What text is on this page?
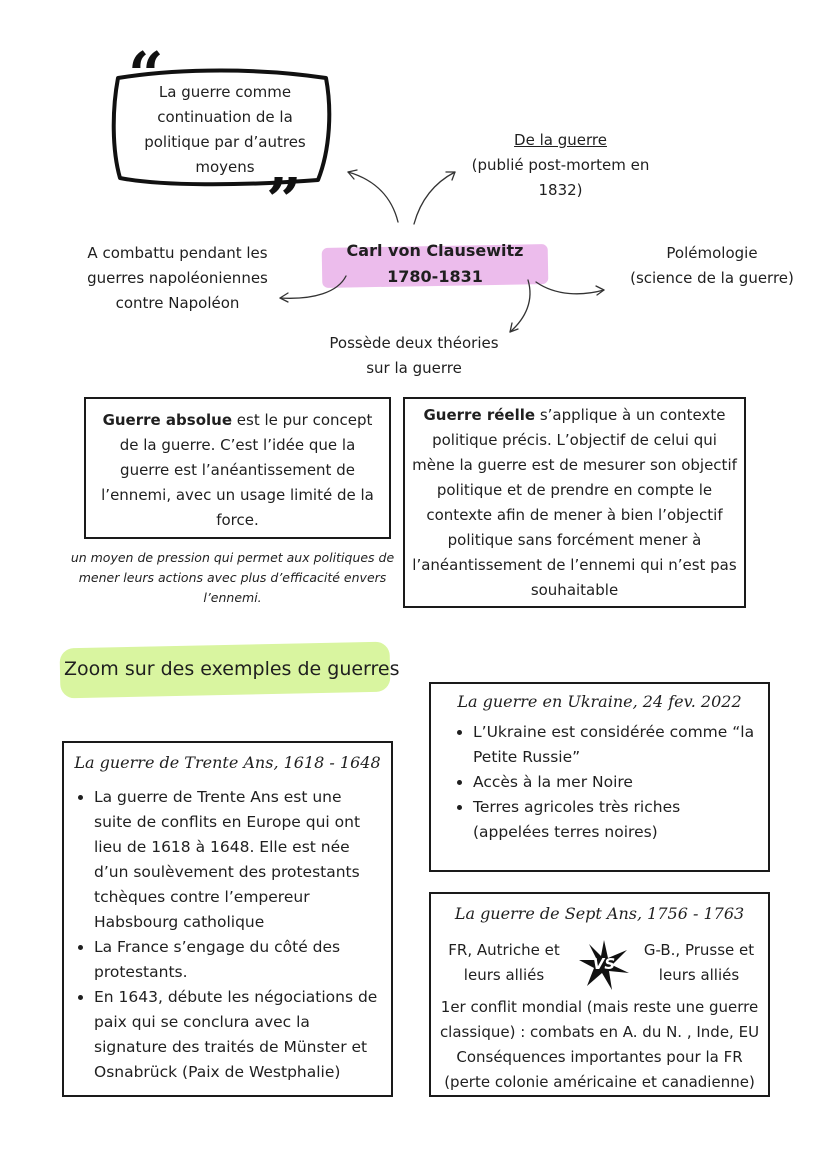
“
”
La guerre comme
continuation de la
politique par d’autres
moyens
De la guerre
(publié post-mortem en
1832)
Carl von Clausewitz
1780-1831
A combattu pendant les
guerres napoléoniennes
contre Napoléon
Polémologie
(science de la guerre)
Possède deux théories
sur la guerre
Guerre absolue est le pur concept
de la guerre. C’est l’idée que la
guerre est l’anéantissement de
l’ennemi, avec un usage limité de la
force.
un moyen de pression qui permet aux politiques de
mener leurs actions avec plus d’efficacité envers
l’ennemi.
Guerre réelle s’applique à un contexte
politique précis. L’objectif de celui qui
mène la guerre est de mesurer son objectif
politique et de prendre en compte le
contexte afin de mener à bien l’objectif
politique sans forcément mener à
l’anéantissement de l’ennemi qui n’est pas
souhaitable
Zoom sur des exemples de guerres
La guerre de Trente Ans, 1618 - 1648
• La guerre de Trente Ans est une suite de conflits en Europe qui ont lieu de 1618 à 1648. Elle est née d’un soulèvement des protestants tchèques contre l’empereur Habsbourg catholique
• La France s’engage du côté des protestants.
• En 1643, débute les négociations de paix qui se conclura avec la signature des traités de Münster et Osnabrück (Paix de Westphalie)
La guerre en Ukraine, 24 fev. 2022
• L’Ukraine est considérée comme “la Petite Russie”
• Accès à la mer Noire
• Terres agricoles très riches (appelées terres noires)
La guerre de Sept Ans, 1756 - 1763
FR, Autriche et
leurs alliés
VS
G-B., Prusse et
leurs alliés
1er conflit mondial (mais reste une guerre
classique) : combats en A. du N. , Inde, EU
Conséquences importantes pour la FR
(perte colonie américaine et canadienne)
